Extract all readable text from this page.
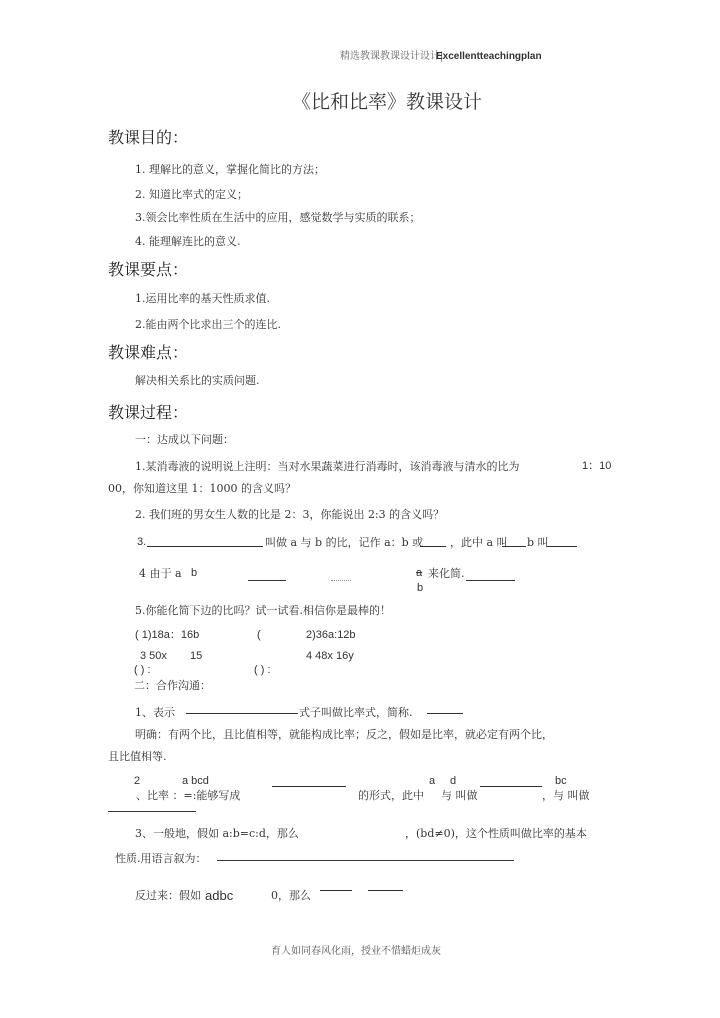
精选教课教课设计设计|
Excellentteachingplan
《比和比率》教课设计
教课目的：
1. 理解比的意义，掌握化简比的方法；
2. 知道比率式的定义；
3.领会比率性质在生活中的应用，感觉数学与实质的联系；
4. 能理解连比的意义.
教课要点：
1.运用比率的基天性质求值.
2.能由两个比求出三个的连比.
教课难点：
解决相关系比的实质问题.
教课过程：
一：达成以下问题：
1.某消毒液的说明说上注明：当对水果蔬菜进行消毒时，该消毒液与清水的比为	1：10
00，你知道这里 1：1000 的含义吗？
2. 我们班的男女生人数的比是 2：3，你能说出 2:3 的含义吗？
3.	叫做 a 与 b 的比，记作 a：b 或 ，此中 a 叫 b 叫
4 由于 a b	a 来化简.
b
5.你能化简下边的比吗？试一试看.相信你是最棒的！
( 1)18a：16b	(	2)36a:12b
3 50x 15	4 48x 16y
( ) :	( ) :
二：合作沟通：
1、表示	式子叫做比率式，简称.
明确：有两个比，且比值相等，就能构成比率；反之，假如是比率，就必定有两个比，
且比值相等.
2	a bcd	a d	bc
、比率 ：=:能够写成	的形式，此中 与 叫做	，与 叫做
3、一般地，假如 a:b=c:d，那么	，(bd≠0)，这个性质叫做比率的基本
性质.用语言叙为：
反过来：假如 adbc	0，那么
育人如同春风化雨，授业不惜蜡炬成灰
